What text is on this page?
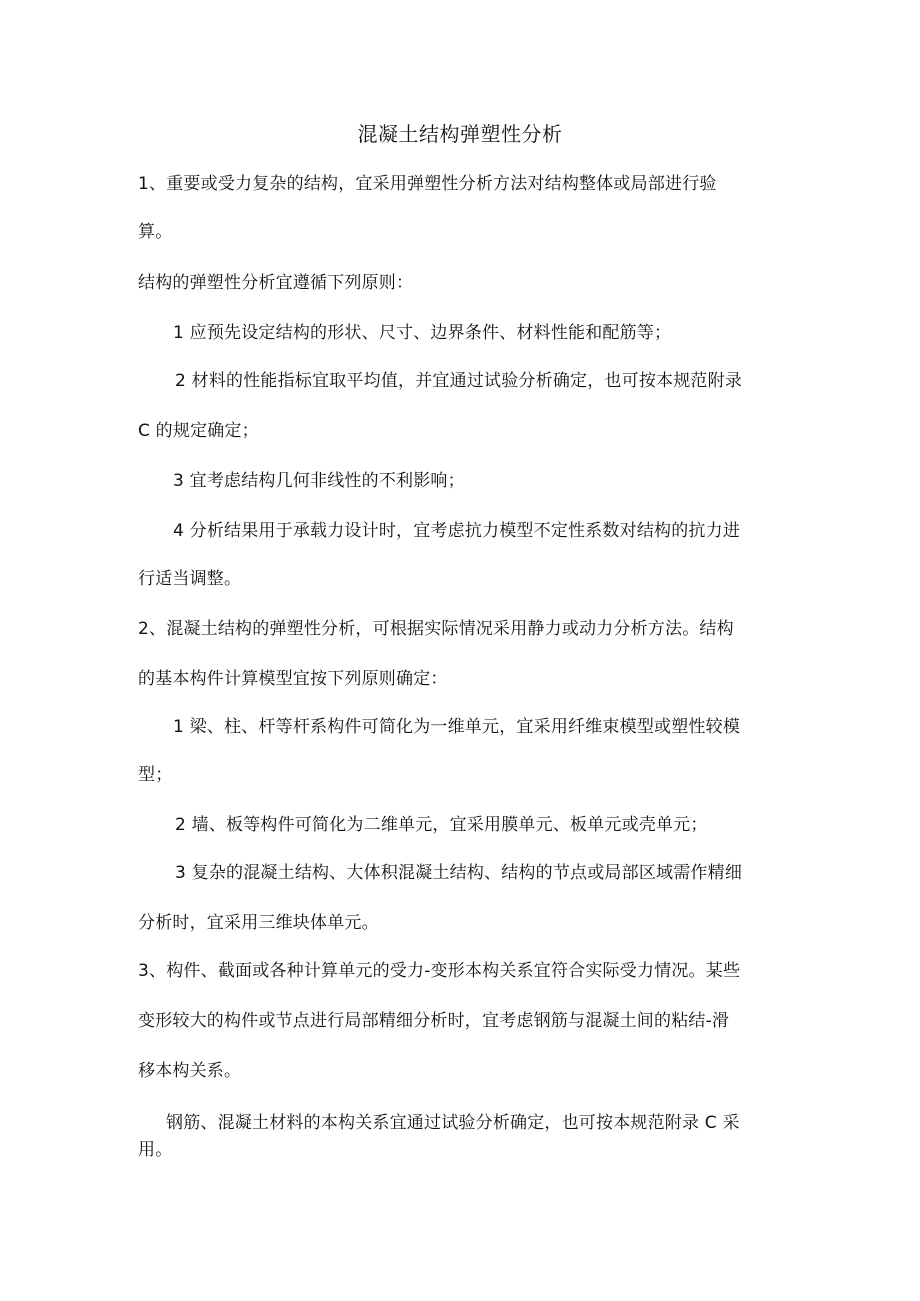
混凝土结构弹塑性分析
1、重要或受力复杂的结构，宜采用弹塑性分析方法对结构整体或局部进行验
算。
结构的弹塑性分析宜遵循下列原则：
1 应预先设定结构的形状、尺寸、边界条件、材料性能和配筋等；
2 材料的性能指标宜取平均值，并宜通过试验分析确定，也可按本规范附录
C 的规定确定；
3 宜考虑结构几何非线性的不利影响；
4 分析结果用于承载力设计时，宜考虑抗力模型不定性系数对结构的抗力进
行适当调整。
2、混凝土结构的弹塑性分析，可根据实际情况采用静力或动力分析方法。结构
的基本构件计算模型宜按下列原则确定：
1 梁、柱、杆等杆系构件可简化为一维单元，宜采用纤维束模型或塑性较模
型；
2 墙、板等构件可简化为二维单元，宜采用膜单元、板单元或壳单元；
3 复杂的混凝土结构、大体积混凝土结构、结构的节点或局部区域需作精细
分析时，宜采用三维块体单元。
3、构件、截面或各种计算单元的受力-变形本构关系宜符合实际受力情况。某些
变形较大的构件或节点进行局部精细分析时，宜考虑钢筋与混凝土间的粘结-滑
移本构关系。
钢筋、混凝土材料的本构关系宜通过试验分析确定，也可按本规范附录 C 采
用。
